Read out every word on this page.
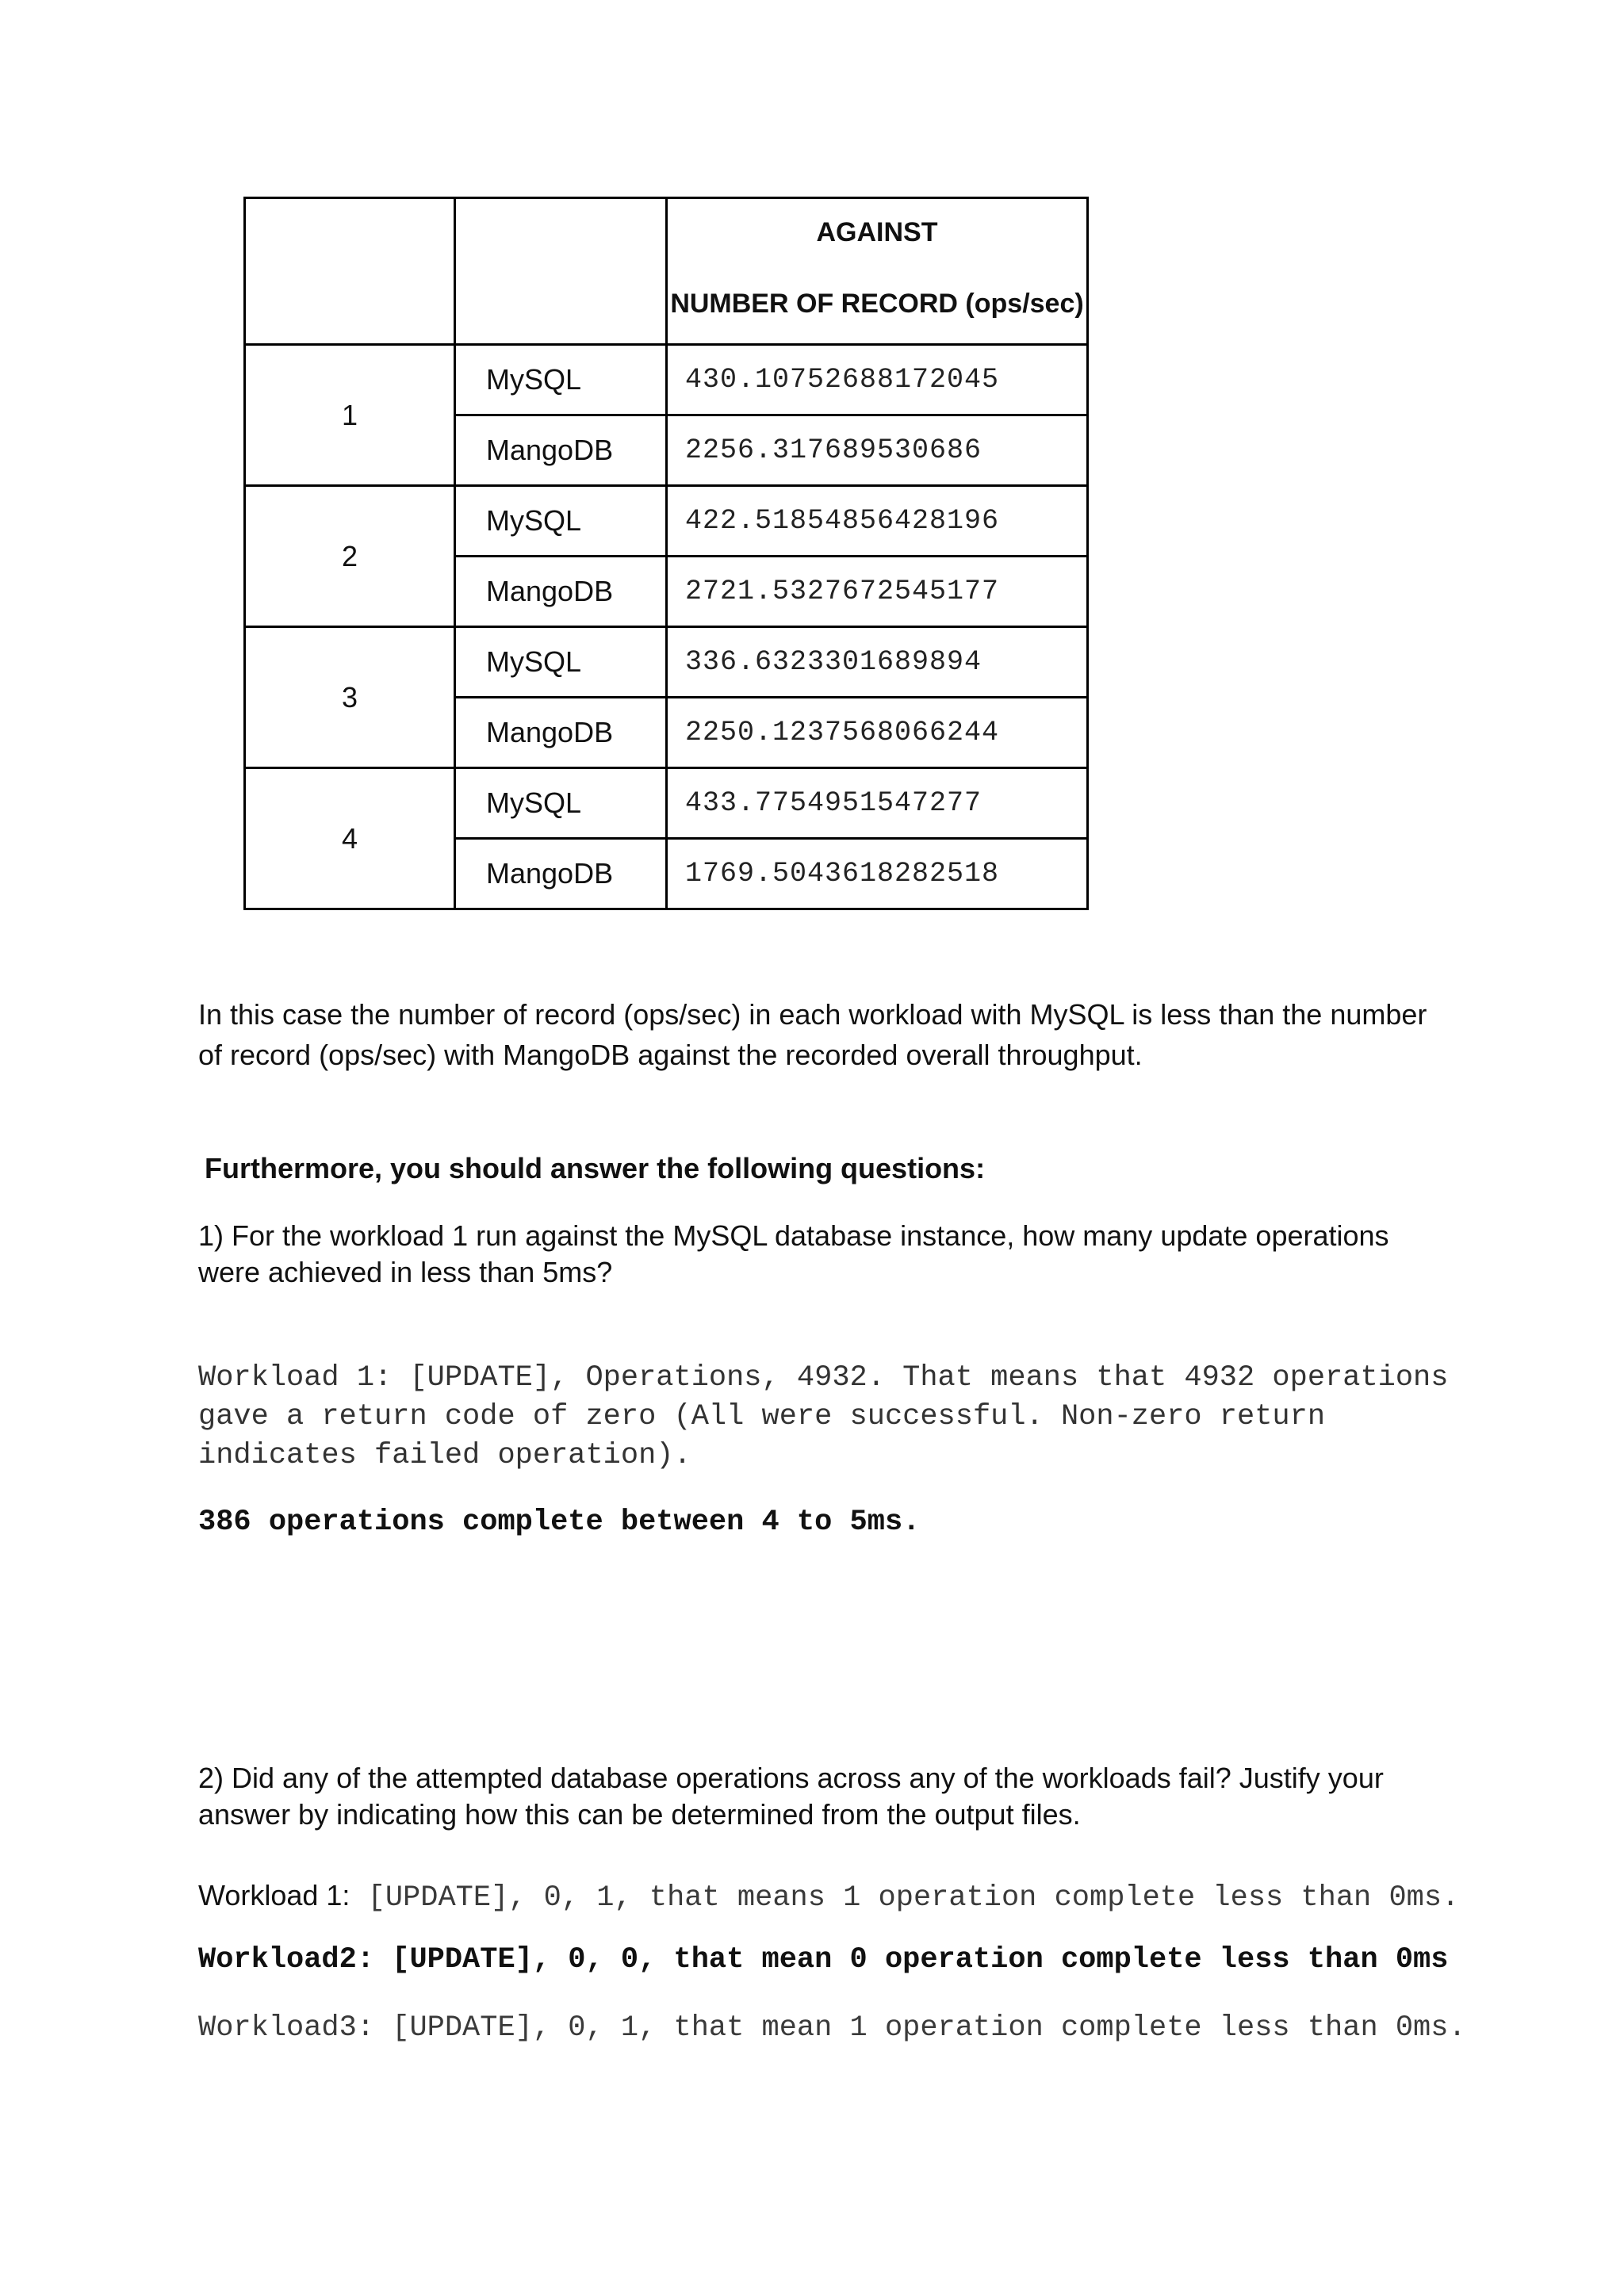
		AGAINST
NUMBER OF RECORD (ops/sec)
1	MySQL	430.10752688172045
	MangoDB	2256.317689530686
2	MySQL	422.51854856428196
	MangoDB	2721.5327672545177
3	MySQL	336.6323301689894
	MangoDB	2250.1237568066244
4	MySQL	433.7754951547277
	MangoDB	1769.5043618282518

In this case the number of record (ops/sec) in each workload with MySQL is less than the number of record (ops/sec) with MangoDB against the recorded overall throughput.

Furthermore, you should answer the following questions:

1) For the workload 1 run against the MySQL database instance, how many update operations were achieved in less than 5ms?

Workload 1: [UPDATE], Operations, 4932. That means that 4932 operations gave a return code of zero (All were successful. Non-zero return indicates failed operation).

386 operations complete between 4 to 5ms.

2) Did any of the attempted database operations across any of the workloads fail? Justify your answer by indicating how this can be determined from the output files.

Workload 1: [UPDATE], 0, 1, that means 1 operation complete less than 0ms.

Workload2: [UPDATE], 0, 0, that mean 0 operation complete less than 0ms

Workload3: [UPDATE], 0, 1, that mean 1 operation complete less than 0ms.
